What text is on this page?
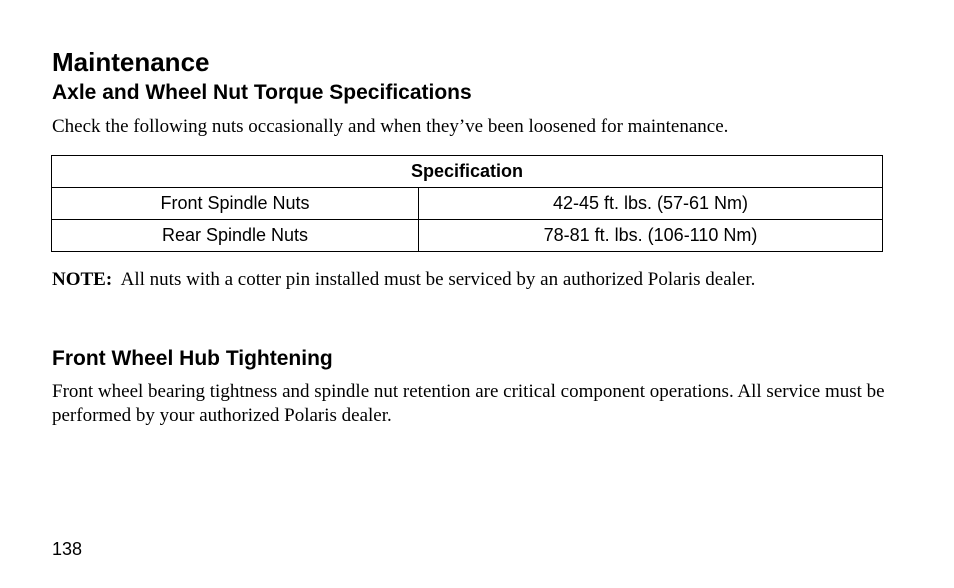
Maintenance
Axle and Wheel Nut Torque Specifications

Check the following nuts occasionally and when they’ve been loosened for maintenance.

Specification	
Front Spindle Nuts	42-45 ft. lbs. (57-61 Nm)
Rear Spindle Nuts	78-81 ft. lbs. (106-110 Nm)

NOTE: All nuts with a cotter pin installed must be serviced by an authorized Polaris dealer.

Front Wheel Hub Tightening

Front wheel bearing tightness and spindle nut retention are critical component operations. All service must be performed by your authorized Polaris dealer.

138
